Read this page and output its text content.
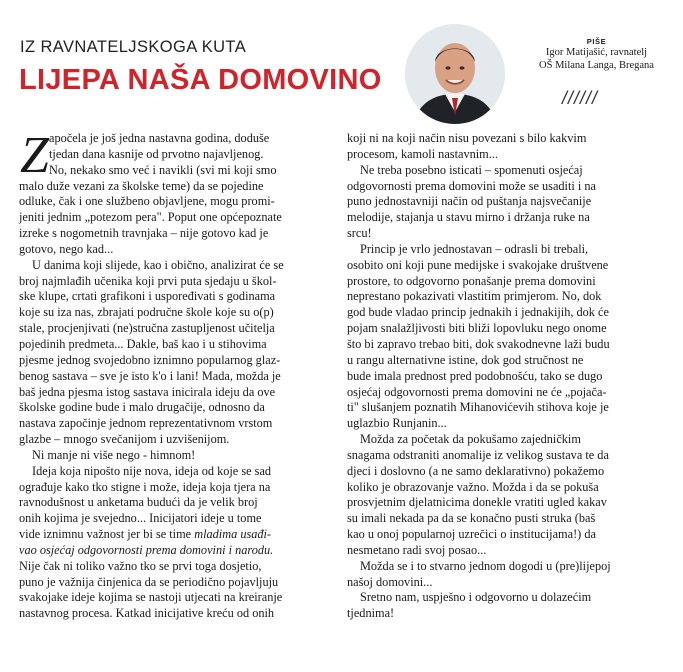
IZ RAVNATELJSKOGA KUTA
LIJEPA NAŠA DOMOVINO
PIŠE
Igor Matijašić, ravnatelj
OŠ Milana Langa, Bregana
//////
Z apočela je još jedna nastavna godina, doduše

tjedan dana kasnije od prvotno najavljenog.

No, nekako smo već i navikli (svi mi koji smo

malo duže vezani za školske teme) da se pojedine

odluke, čak i one službeno objavljene, mogu promi-

jeniti jednim „potezom pera". Poput one općepoznate

izreke s nogometnih travnjaka – nije gotovo kad je

gotovo, nego kad...

U danima koji slijede, kao i obično, analizirat će se

broj najmlađih učenika koji prvi puta sjedaju u škol-

ske klupe, crtati grafikoni i uspoređivati s godinama

koje su iza nas, zbrajati područne škole koje su o(p)

stale, procjenjivati (ne)stručna zastupljenost učitelja

pojedinih predmeta... Dakle, baš kao i u stihovima

pjesme jednog svojedobno iznimno popularnog glaz-

benog sastava – sve je isto k'o i lani! Mada, možda je

baš jedna pjesma istog sastava inicirala ideju da ove

školske godine bude i malo drugačije, odnosno da

nastava započinje jednom reprezentativnom vrstom

glazbe – mnogo svečanijom i uzvišenijom.

Ni manje ni više nego - himnom!

Ideja koja nipošto nije nova, ideja od koje se sad

ograđuje kako tko stigne i može, ideja koja tjera na

ravnodušnost u anketama budući da je velik broj

onih kojima je svejedno... Inicijatori ideje u tome

vide iznimnu važnost jer bi se time mladima usađi-

vao osjećaj odgovornosti prema domovini i narodu.

Nije čak ni toliko važno tko se prvi toga dosjetio,

puno je važnija činjenica da se periodično pojavljuju

svakojake ideje kojima se nastoji utjecati na kreiranje

nastavnog procesa. Katkad inicijative kreću od onih

koji ni na koji način nisu povezani s bilo kakvim

procesom, kamoli nastavnim...

Ne treba posebno isticati – spomenuti osjećaj

odgovornosti prema domovini može se usaditi i na

puno jednostavniji način od puštanja najsvečanije

melodije, stajanja u stavu mirno i držanja ruke na

srcu!

Princip je vrlo jednostavan – odrasli bi trebali,

osobito oni koji pune medijske i svakojake društvene

prostore, to odgovorno ponašanje prema domovini

neprestano pokazivati vlastitim primjerom. No, dok

god bude vladao princip jednakih i jednakijih, dok će

pojam snalažljivosti biti bliži lopovluku nego onome

što bi zapravo trebao biti, dok svakodnevne laži budu

u rangu alternativne istine, dok god stručnost ne

bude imala prednost pred podobnošću, tako se dugo

osjećaj odgovornosti prema domovini ne će „pojača-

ti" slušanjem poznatih Mihanovićevih stihova koje je

uglazbio Runjanin...

Možda za početak da pokušamo zajedničkim

snagama odstraniti anomalije iz velikog sustava te da

djeci i doslovno (a ne samo deklarativno) pokažemo

koliko je obrazovanje važno. Možda i da se pokuša

prosvjetnim djelatnicima donekle vratiti ugled kakav

su imali nekada pa da se konačno pusti struka (baš

kao u onoj popularnoj uzrečici o institucijama!) da

nesmetano radi svoj posao...

Možda se i to stvarno jednom dogodi u (pre)lijepoj

našoj domovini...

Sretno nam, uspješno i odgovorno u dolazećim

tjednima!
